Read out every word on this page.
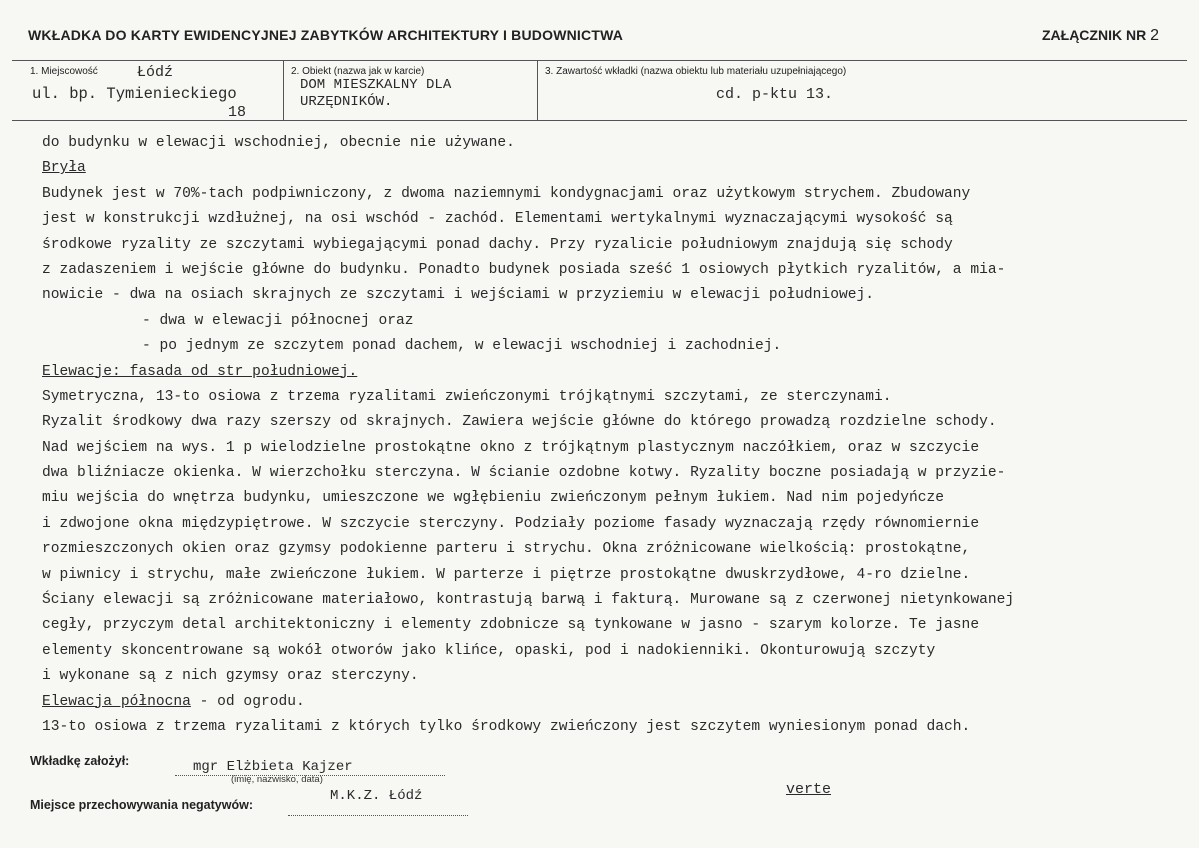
WKŁADKA DO KARTY EWIDENCYJNEJ ZABYTKÓW ARCHITEKTURY I BUDOWNICTWA	ZAŁĄCZNIK NR 2
1. Miejscowość	Łódź
ul. bp. Tymienieckiego
18
2. Obiekt (nazwa jak w karcie)
DOM MIESZKALNY DLA
URZĘDNIKÓW.
3. Zawartość wkładki (nazwa obiektu lub materiału uzupełniającego)
cd. p-ktu 13.
do budynku w elewacji wschodniej, obecnie nie używane.
Bryła
Budynek jest w 70%-tach podpiwniczony, z dwoma naziemnymi kondygnacjami oraz użytkowym strychem. Zbudowany
jest w konstrukcji wzdłużnej, na osi wschód - zachód. Elementami wertykalnymi wyznaczającymi wysokość są
środkowe ryzality ze szczytami wybiegającymi ponad dachy. Przy ryzalicie południowym znajdują się schody
z zadaszeniem i wejście główne do budynku. Ponadto budynek posiada sześć 1 osiowych płytkich ryzalitów, a mia-
nowicie - dwa na osiach skrajnych ze szczytami i wejściami w przyziemiu w elewacji południowej.
- dwa w elewacji północnej oraz
- po jednym ze szczytem ponad dachem, w elewacji wschodniej i zachodniej.
Elewacje: fasada od str południowej.
Symetryczna, 13-to osiowa z trzema ryzalitami zwieńczonymi trójkątnymi szczytami, ze sterczynami.
Ryzalit środkowy dwa razy szerszy od skrajnych. Zawiera wejście główne do którego prowadzą rozdzielne schody.
Nad wejściem na wys. 1 p wielodzielne prostokątne okno z trójkątnym plastycznym naczółkiem, oraz w szczycie
dwa bliźniacze okienka. W wierzchołku sterczyna. W ścianie ozdobne kotwy. Ryzality boczne posiadają w przyzie-
miu wejścia do wnętrza budynku, umieszczone we wgłębieniu zwieńczonym pełnym łukiem. Nad nim pojedyńcze
i zdwojone okna międzypiętrowe. W szczycie sterczyny. Podziały poziome fasady wyznaczają rzędy równomiernie
rozmieszczonych okien oraz gzymsy podokienne parteru i strychu. Okna zróżnicowane wielkością: prostokątne,
w piwnicy i strychu, małe zwieńczone łukiem. W parterze i piętrze prostokątne dwuskrzydłowe, 4-ro dzielne.
Ściany elewacji są zróżnicowane materiałowo, kontrastują barwą i fakturą. Murowane są z czerwonej nietynkowanej
cegły, przyczym detal architektoniczny i elementy zdobnicze są tynkowane w jasno - szarym kolorze. Te jasne
elementy skoncentrowane są wokół otworów jako klińce, opaski, pod i nadokienniki. Okonturowują szczyty
i wykonane są z nich gzymsy oraz sterczyny.
Elewacja północna - od ogrodu.
13-to osiowa z trzema ryzalitami z których tylko środkowy zwieńczony jest szczytem wyniesionym ponad dach.
Wkładkę założył:	mgr Elżbieta Kajzer
(imię, nazwisko, data)
Miejsce przechowywania negatywów:
M.K.Z. Łódź	verte
